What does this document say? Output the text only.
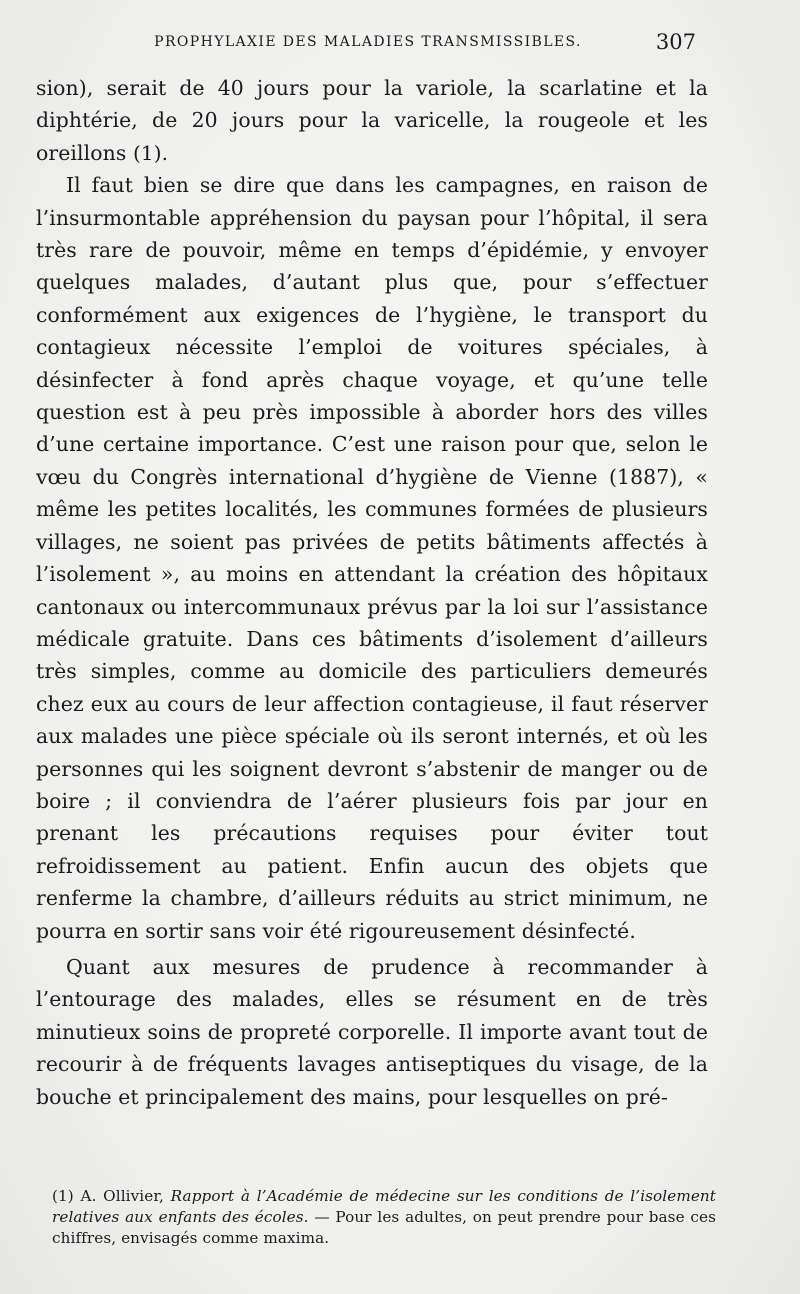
PROPHYLAXIE DES MALADIES TRANSMISSIBLES.	307

sion), serait de 40 jours pour la variole, la scarlatine et la diphtérie, de 20 jours pour la varicelle, la rougeole et les oreillons (1).

Il faut bien se dire que dans les campagnes, en raison de l’insurmontable appréhension du paysan pour l’hôpital, il sera très rare de pouvoir, même en temps d’épidémie, y envoyer quelques malades, d’autant plus que, pour s’effectuer conformément aux exigences de l’hygiène, le transport du contagieux nécessite l’emploi de voitures spéciales, à désinfecter à fond après chaque voyage, et qu’une telle question est à peu près impossible à aborder hors des villes d’une certaine importance. C’est une raison pour que, selon le vœu du Congrès international d’hygiène de Vienne (1887), « même les petites localités, les communes formées de plusieurs villages, ne soient pas privées de petits bâtiments affectés à l’isolement », au moins en attendant la création des hôpitaux cantonaux ou intercommunaux prévus par la loi sur l’assistance médicale gratuite. Dans ces bâtiments d’isolement d’ailleurs très simples, comme au domicile des particuliers demeurés chez eux au cours de leur affection contagieuse, il faut réserver aux malades une pièce spéciale où ils seront internés, et où les personnes qui les soignent devront s’abstenir de manger ou de boire ; il conviendra de l’aérer plusieurs fois par jour en prenant les précautions requises pour éviter tout refroidissement au patient. Enfin aucun des objets que renferme la chambre, d’ailleurs réduits au strict minimum, ne pourra en sortir sans voir été rigoureusement désinfecté.

Quant aux mesures de prudence à recommander à l’entourage des malades, elles se résument en de très minutieux soins de propreté corporelle. Il importe avant tout de recourir à de fréquents lavages antiseptiques du visage, de la bouche et principalement des mains, pour lesquelles on pré-

(1) A. Ollivier, Rapport à l’Académie de médecine sur les conditions de l’isolement relatives aux enfants des écoles. — Pour les adultes, on peut prendre pour base ces chiffres, envisagés comme maxima.
